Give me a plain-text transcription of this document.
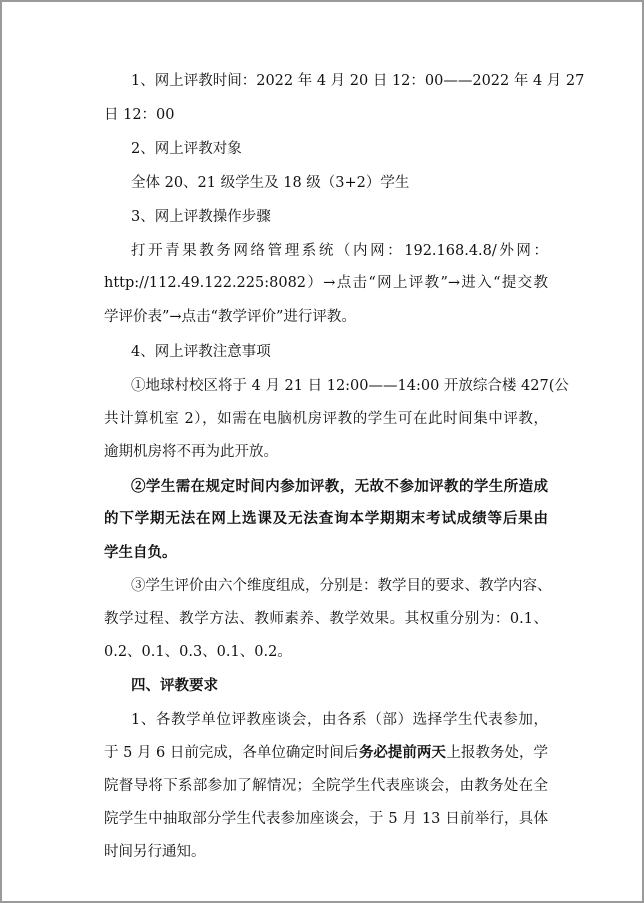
1、网上评教时间：2022 年 4 月 20 日 12：00——2022 年 4 月 27
日 12：00
2、网上评教对象
全体 20、21 级学生及 18 级（3+2）学生
3、网上评教操作步骤
打开青果教务网络管理系统（内网：192.168.4.8/外网：
http://112.49.122.225:8082）→点击“网上评教”→进入“提交教
学评价表”→点击“教学评价”进行评教。
4、网上评教注意事项
①地球村校区将于 4 月 21 日 12:00——14:00 开放综合楼 427(公
共计算机室 2），如需在电脑机房评教的学生可在此时间集中评教，
逾期机房将不再为此开放。
②学生需在规定时间内参加评教，无故不参加评教的学生所造成
的下学期无法在网上选课及无法查询本学期期末考试成绩等后果由
学生自负。
③学生评价由六个维度组成，分别是：教学目的要求、教学内容、
教学过程、教学方法、教师素养、教学效果。其权重分别为：0.1、
0.2、0.1、0.3、0.1、0.2。
四、评教要求
1、各教学单位评教座谈会，由各系（部）选择学生代表参加，
于 5 月 6 日前完成，各单位确定时间后 务必提前两天 上报教务处，学
院督导将下系部参加了解情况；全院学生代表座谈会，由教务处在全
院学生中抽取部分学生代表参加座谈会，于 5 月 13 日前举行，具体
时间另行通知。
